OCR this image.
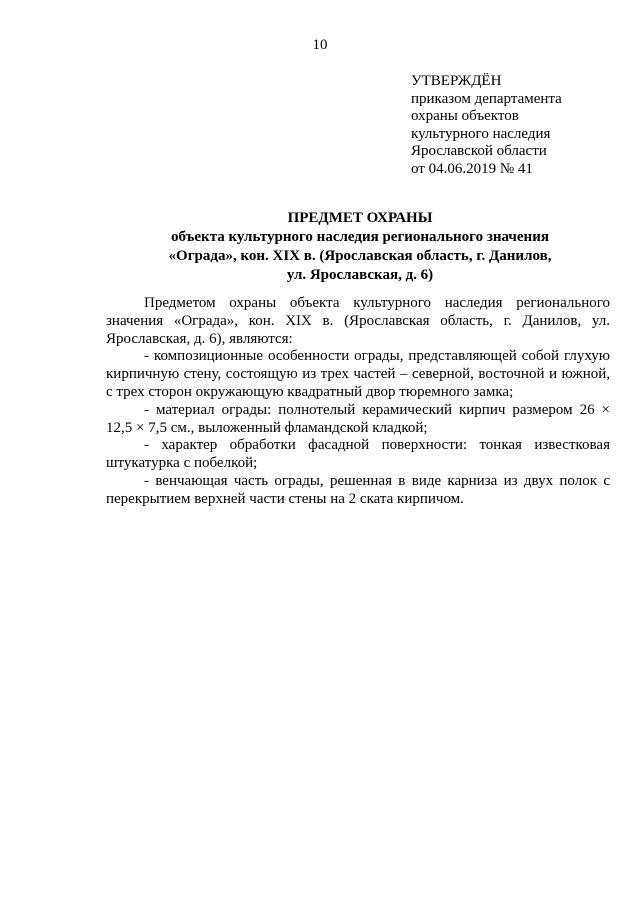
10
УТВЕРЖДЁН
приказом департамента
охраны объектов
культурного наследия
Ярославской области
от 04.06.2019 № 41
ПРЕДМЕТ ОХРАНЫ
объекта культурного наследия регионального значения
«Ограда», кон. XIX в. (Ярославская область, г. Данилов,
ул. Ярославская, д. 6)

Предметом охраны объекта культурного наследия регионального значения «Ограда», кон. XIX в. (Ярославская область, г. Данилов, ул. Ярославская, д. 6), являются:

- композиционные особенности ограды, представляющей собой глухую кирпичную стену, состоящую из трех частей – северной, восточной и южной, с трех сторон окружающую квадратный двор тюремного замка;

- материал ограды: полнотелый керамический кирпич размером 26 × 12,5 × 7,5 см., выложенный фламандской кладкой;

- характер обработки фасадной поверхности: тонкая известковая штукатурка с побелкой;

- венчающая часть ограды, решенная в виде карниза из двух полок с перекрытием верхней части стены на 2 ската кирпичом.
